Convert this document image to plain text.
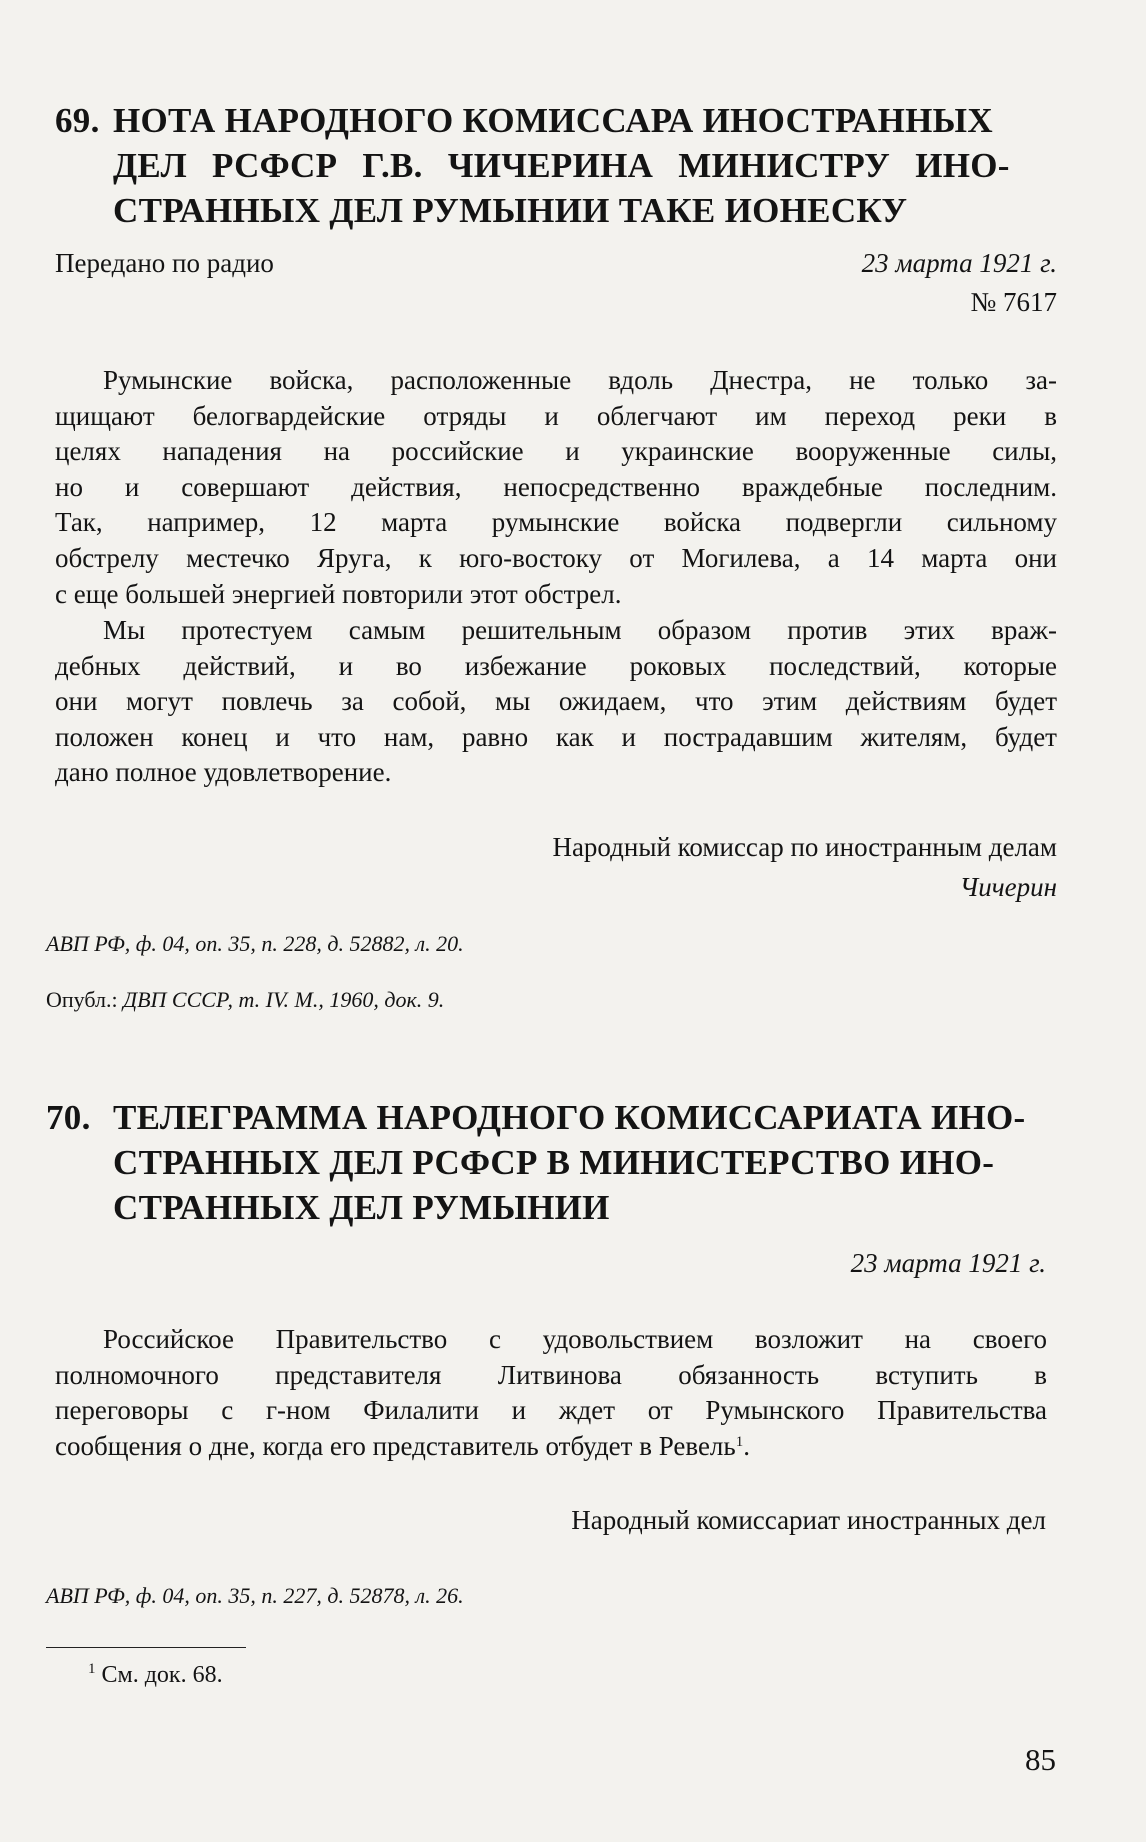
69. НОТА НАРОДНОГО КОМИССАРА ИНОСТРАННЫХ
ДЕЛ РСФСР Г.В. ЧИЧЕРИНА МИНИСТРУ ИНО-
СТРАННЫХ ДЕЛ РУМЫНИИ ТАКЕ ИОНЕСКУ
Передано по радио	23 марта 1921 г.
№ 7617
Румынские войска, расположенные вдоль Днестра, не только за-
щищают белогвардейские отряды и облегчают им переход реки в
целях нападения на российские и украинские вооруженные силы,
но и совершают действия, непосредственно враждебные последним.
Так, например, 12 марта румынские войска подвергли сильному
обстрелу местечко Яруга, к юго-востоку от Могилева, а 14 марта они
с еще большей энергией повторили этот обстрел.
Мы протестуем самым решительным образом против этих враж-
дебных действий, и во избежание роковых последствий, которые
они могут повлечь за собой, мы ожидаем, что этим действиям будет
положен конец и что нам, равно как и пострадавшим жителям, будет
дано полное удовлетворение.
Народный комиссар по иностранным делам
Чичерин
АВП РФ, ф. 04, оп. 35, п. 228, д. 52882, л. 20.
Опубл.: ДВП СССР, т. IV. М., 1960, док. 9.
70. ТЕЛЕГРАММА НАРОДНОГО КОМИССАРИАТА ИНО-
СТРАННЫХ ДЕЛ РСФСР В МИНИСТЕРСТВО ИНО-
СТРАННЫХ ДЕЛ РУМЫНИИ
23 марта 1921 г.
Российское Правительство с удовольствием возложит на своего
полномочного представителя Литвинова обязанность вступить в
переговоры с г-ном Филалити и ждет от Румынского Правительства
сообщения о дне, когда его представитель отбудет в Ревель$^1$.
Народный комиссариат иностранных дел
АВП РФ, ф. 04, оп. 35, п. 227, д. 52878, л. 26.
$^1$ См. док. 68.
85
